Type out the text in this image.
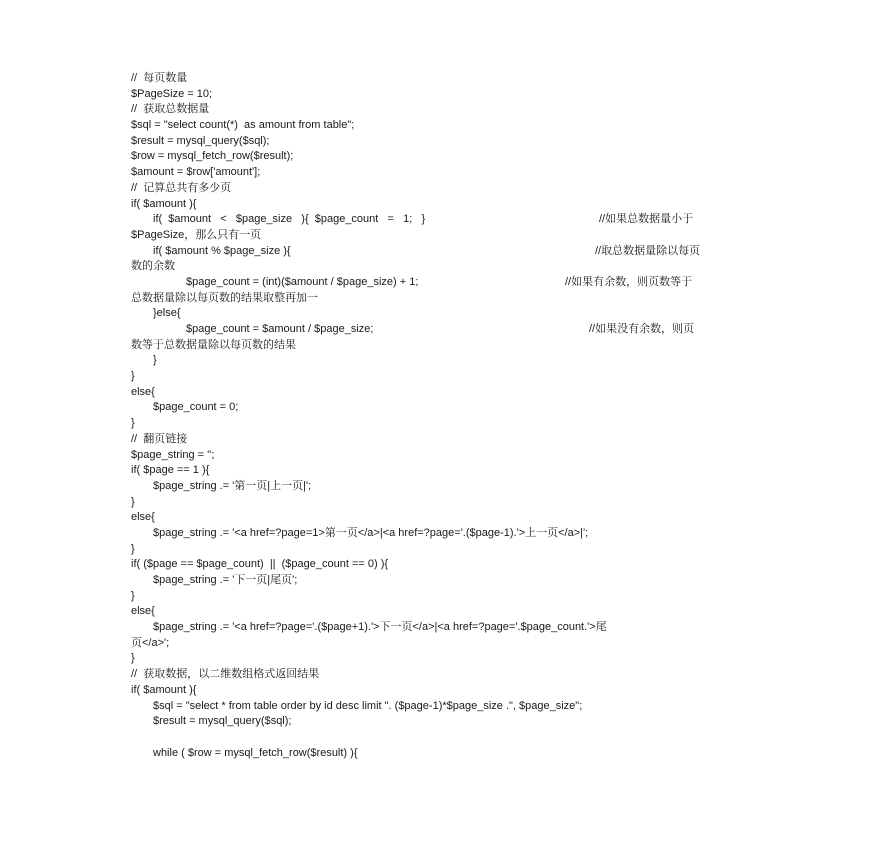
//  每页数量
$PageSize = 10;
//  获取总数据量
$sql = "select count(*)  as amount from table";
$result = mysql_query($sql);
$row = mysql_fetch_row($result);
$amount = $row['amount'];
//  记算总共有多少页
if( $amount ){
if(  $amount   <   $page_size   ){  $page_count   =   1;   }	//如果总数据量小于
$PageSize，那么只有一页
if( $amount % $page_size ){	//取总数据量除以每页
数的余数
$page_count = (int)($amount / $page_size) + 1;	//如果有余数，则页数等于
总数据量除以每页数的结果取整再加一
}else{
$page_count = $amount / $page_size;	//如果没有余数，则页
数等于总数据量除以每页数的结果
}
}
else{
$page_count = 0;
}
//  翻页链接
$page_string = '';
if( $page == 1 ){
$page_string .= '第一页|上一页|';
}
else{
$page_string .= '<a href=?page=1>第一页</a>|<a href=?page='.($page-1).'>上一页</a>|';
}
if( ($page == $page_count)  ||  ($page_count == 0) ){
$page_string .= '下一页|尾页';
}
else{
$page_string .= '<a href=?page='.($page+1).'>下一页</a>|<a href=?page='.$page_count.'>尾
页</a>';
}
//  获取数据，以二维数组格式返回结果
if( $amount ){
$sql = "select * from table order by id desc limit ". ($page-1)*$page_size .", $page_size";
$result = mysql_query($sql);
while ( $row = mysql_fetch_row($result) ){
